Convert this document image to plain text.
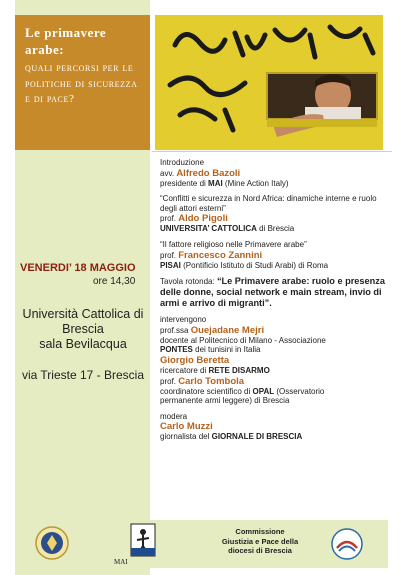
Le primavere
arabe:
quali percorsi per le politiche di sicurezza e di pace?
VENERDI’ 18 MAGGIO
ore 14,30
Università Cattolica di
Brescia
sala Bevilacqua
via Trieste 17 - Brescia

Introduzione

avv. Alfredo Bazoli

presidente di MAI (Mine Action Italy)

“Conflitti e sicurezza in Nord Africa: dinamiche interne e ruolo degli attori esterni”

prof. Aldo Pigoli

UNIVERSITA’ CATTOLICA di Brescia

“Il fattore religioso nelle Primavere arabe”

prof. Francesco Zannini

PISAI (Pontificio Istituto di Studi Arabi) di Roma

Tavola rotonda: “Le Primavere arabe: ruolo e presenza delle donne, social network e main stream, invio di armi e arrivo di migranti”.

intervengono

prof.ssa Ouejadane Mejri

docente al Politecnico di Milano - Associazione

PONTES dei tunisini in Italia

Giorgio Beretta

ricercatore di RETE DISARMO

prof. Carlo Tombola

coordinatore scientifico di OPAL (Osservatorio

permanente armi leggere) di Brescia

modera

Carlo Muzzi

giornalista del GIORNALE DI BRESCIA

MAI
Commissione
Giustizia e Pace della
diocesi di Brescia
